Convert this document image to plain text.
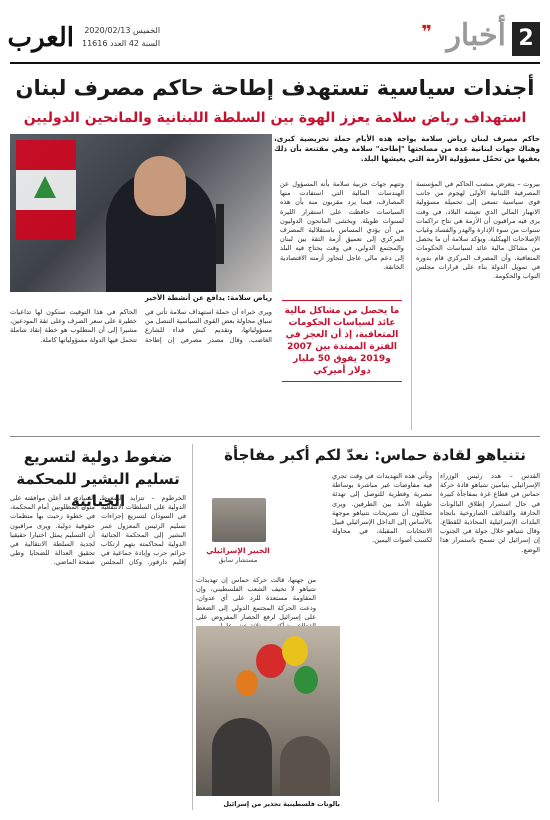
2
أخبار
❞
العرب الخميس 2020/02/13
السنة 42 العدد 11616
أجندات سياسية تستهدف إطاحة حاكم مصرف لبنان
استهداف رياض سلامة يعزز الهوة بين السلطة اللبنانية والمانحين الدوليين
حاكم مصرف لبنان رياض سلامة يواجه هذه الأيام حملة تحريضية كبرى، وهناك جهات لبنانية عدة من مصلحتها "إطاحة" سلامة وهي مقتنعة بأن ذلك يعفيها من تحمّل مسؤولية الأزمة التي يعيشها البلد.
رياض سلامة: يدافع عن أنشطة الأخير
بيروت – يتعرض منصب الحاكم في المؤسسة المصرفية اللبنانية الأولى لهجوم من جانب قوى سياسية تسعى إلى تحميله مسؤولية الانهيار المالي الذي تعيشه البلاد، في وقت يرى فيه مراقبون أن الأزمة هي نتاج تراكمات سنوات من سوء الإدارة والهدر والفساد وغياب الإصلاحات الهيكلية. ويؤكد سلامة أن ما يحصل من مشاكل مالية عائد لسياسات الحكومات المتعاقبة، وأن المصرف المركزي قام بدوره في تمويل الدولة بناء على قرارات مجلس النواب والحكومة.
وتتهم جهات حزبية سلامة بأنه المسؤول عن الهندسات المالية التي استفادت منها المصارف، فيما يرد مقربون منه بأن هذه السياسات حافظت على استقرار الليرة لسنوات طويلة. ويخشى المانحون الدوليون من أن يؤدي المساس باستقلالية المصرف المركزي إلى تعميق أزمة الثقة بين لبنان والمجتمع الدولي، في وقت يحتاج فيه البلد إلى دعم مالي عاجل لتجاوز أزمته الاقتصادية الخانقة.
ما يحصل من مشاكل مالية عائد لسياسات الحكومات المتعاقبة، إذ أن العجز في الفترة الممتدة بين 2007 و2019 يفوق 50 مليار دولار أميركي
ويرى خبراء أن حملة استهداف سلامة تأتي في سياق محاولة بعض القوى السياسية التنصل من مسؤولياتها، وتقديم كبش فداء للشارع الغاضب. وقال مصدر مصرفي إن إطاحة الحاكم في هذا التوقيت ستكون لها تداعيات خطيرة على سعر الصرف وعلى ثقة المودعين، مشيرا إلى أن المطلوب هو خطة إنقاذ شاملة تتحمل فيها الدولة مسؤولياتها كاملة.
نتنياهو لقادة حماس: نعدّ لكم أكبر مفاجأة
القدس – هدد رئيس الوزراء الإسرائيلي بنيامين نتنياهو قادة حركة حماس في قطاع غزة بمفاجأة كبيرة في حال استمرار إطلاق البالونات الحارقة والقذائف الصاروخية باتجاه البلدات الإسرائيلية المحاذية للقطاع. وقال نتنياهو خلال جولة في الجنوب إن إسرائيل لن تسمح باستمرار هذا الوضع.
وتأتي هذه التهديدات في وقت تجري فيه مفاوضات غير مباشرة بوساطة مصرية وقطرية للتوصل إلى تهدئة طويلة الأمد بين الطرفين. ويرى محللون أن تصريحات نتنياهو موجهة بالأساس إلى الداخل الإسرائيلي قبيل الانتخابات المقبلة، في محاولة لكسب أصوات اليمين.
الخبير الإسرائيلي
مستشار سابق
من جهتها، قالت حركة حماس إن تهديدات نتنياهو لا تخيف الشعب الفلسطيني، وإن المقاومة مستعدة للرد على أي عدوان. ودعت الحركة المجتمع الدولي إلى الضغط على إسرائيل لرفع الحصار المفروض على
بالونات فلسطينية تحذير من إسرائيل
ضغوط دولية لتسريع تسليم البشير للمحكمة الجنائية
الخرطوم – تتزايد الضغوط الدولية على السلطات الانتقالية في السودان لتسريع إجراءات تسليم الرئيس المعزول عمر البشير إلى المحكمة الجنائية الدولية لمحاكمته بتهم ارتكاب جرائم حرب وإبادة جماعية في إقليم دارفور. وكان المجلس السيادي قد أعلن موافقته على مثول المطلوبين أمام المحكمة، في خطوة رحبت بها منظمات حقوقية دولية. ويرى مراقبون أن التسليم يمثل اختبارا حقيقيا لجدية السلطة الانتقالية في تحقيق العدالة للضحايا وطي صفحة الماضي.
